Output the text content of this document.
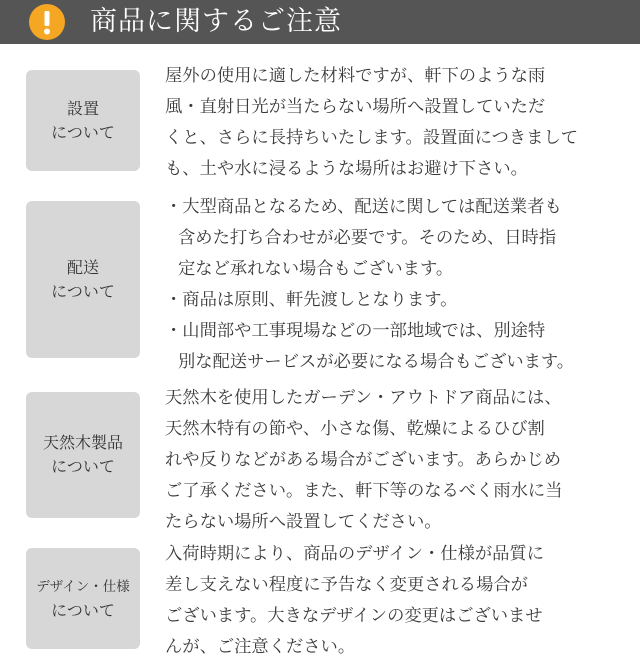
商品に関するご注意
設置
について
屋外の使用に適した材料ですが、軒下のような雨
風・直射日光が当たらない場所へ設置していただ
くと、さらに長持ちいたします。設置面につきまして
も、土や水に浸るような場所はお避け下さい。
配送
について
・大型商品となるため、配送に関しては配送業者も
含めた打ち合わせが必要です。そのため、日時指
定など承れない場合もございます。
・商品は原則、軒先渡しとなります。
・山間部や工事現場などの一部地域では、別途特
別な配送サービスが必要になる場合もございます。
天然木製品
について
天然木を使用したガーデン・アウトドア商品には、
天然木特有の節や、小さな傷、乾燥によるひび割
れや反りなどがある場合がございます。あらかじめ
ご了承ください。また、軒下等のなるべく雨水に当
たらない場所へ設置してください。
デザイン・仕様
について
入荷時期により、商品のデザイン・仕様が品質に
差し支えない程度に予告なく変更される場合が
ございます。大きなデザインの変更はございませ
んが、ご注意ください。
